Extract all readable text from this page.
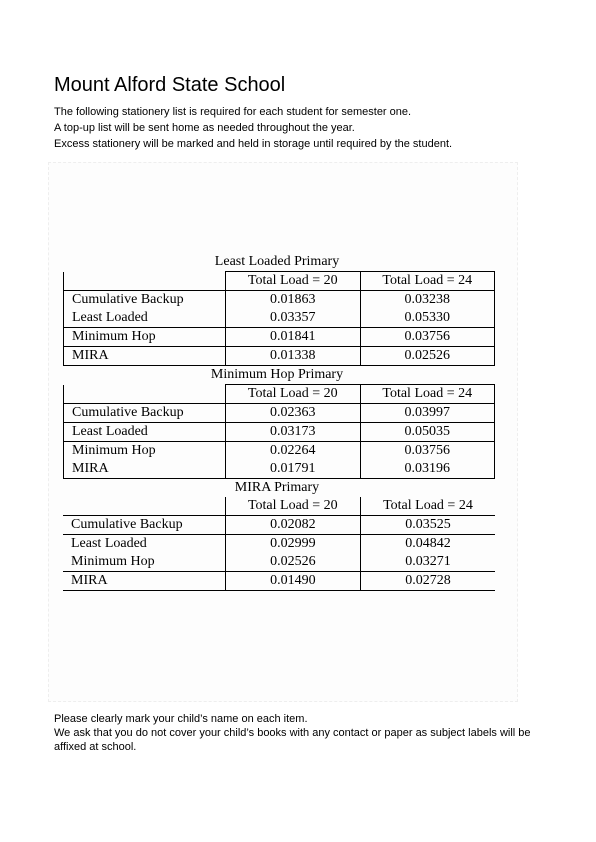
Mount Alford State School
The following stationery list is required for each student for semester one.
A top-up list will be sent home as needed throughout the year.
Excess stationery will be marked and held in storage until required by the student.
Least Loaded Primary
	Total Load = 20	Total Load = 24
Cumulative Backup	0.01863	0.03238
Least Loaded	0.03357	0.05330
Minimum Hop	0.01841	0.03756
MIRA	0.01338	0.02526
Minimum Hop Primary
	Total Load = 20	Total Load = 24
Cumulative Backup	0.02363	0.03997
Least Loaded	0.03173	0.05035
Minimum Hop	0.02264	0.03756
MIRA	0.01791	0.03196
MIRA Primary
	Total Load = 20	Total Load = 24
Cumulative Backup	0.02082	0.03525
Least Loaded	0.02999	0.04842
Minimum Hop	0.02526	0.03271
MIRA	0.01490	0.02728
Please clearly mark your child’s name on each item.
We ask that you do not cover your child’s books with any contact or paper as subject labels will be affixed at school.
